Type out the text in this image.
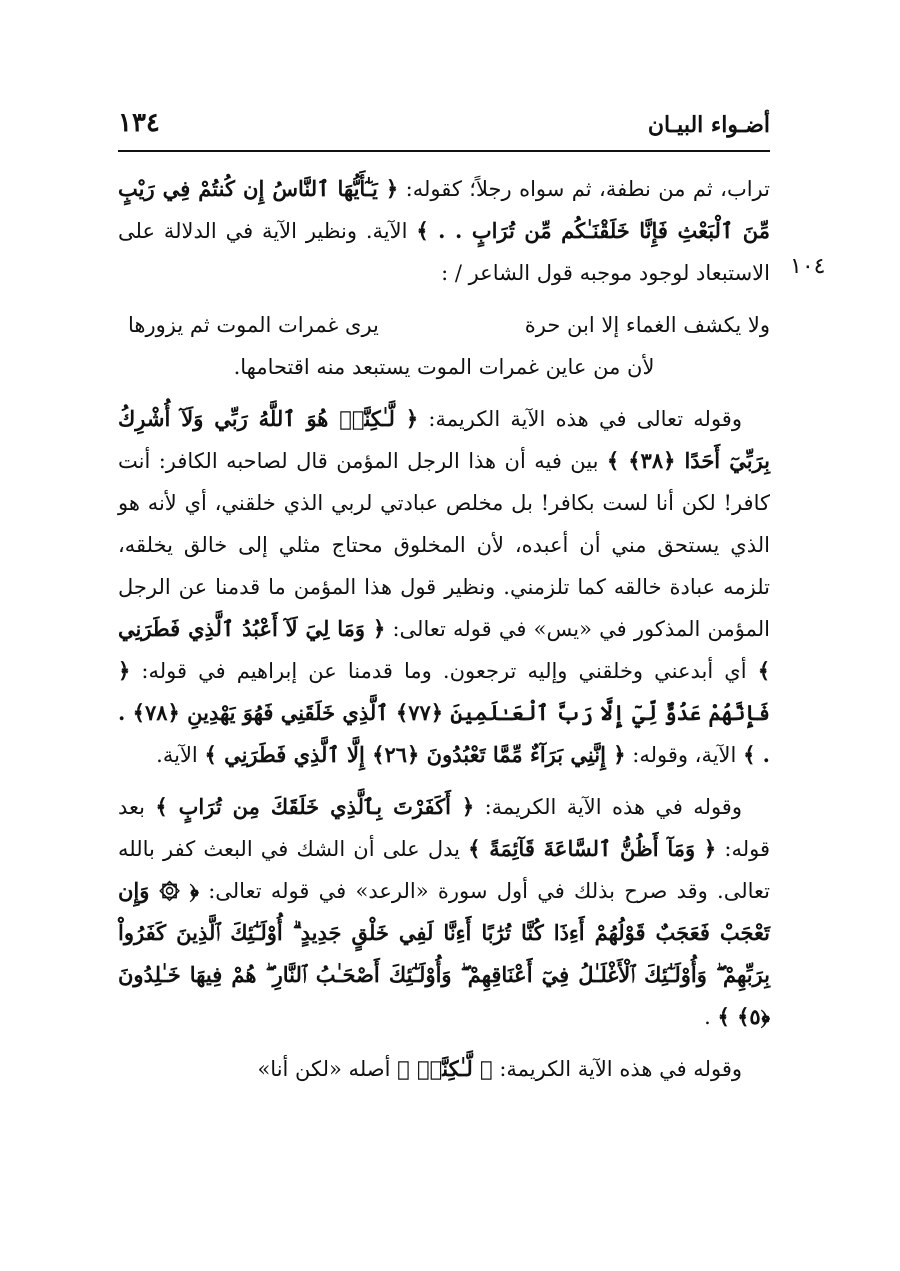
أضـواء البيـان
١٣٤
١٠٤

تراب، ثم من نطفة، ثم سواه رجلاً؛ كقوله: ﴿ يَـٰٓأَيُّهَا ٱلنَّاسُ إِن كُنتُمْ فِي رَيْبٍ مِّنَ ٱلْبَعْثِ فَإِنَّا خَلَقْنَـٰكُم مِّن تُرَابٍ . . ﴾ الآية. ونظير الآية في الدلالة على الاستبعاد لوجود موجبه قول الشاعر / :

ولا يكشف الغماء إلا ابن حرة
يرى غمرات الموت ثم يزورها

لأن من عاين غمرات الموت يستبعد منه اقتحامها.

وقوله تعالى في هذه الآية الكريمة: ﴿ لَّـٰكِنَّا۠ هُوَ ٱللَّهُ رَبِّي وَلَآ أُشْرِكُ بِرَبِّيٓ أَحَدًا ﴿٣٨﴾ ﴾ بين فيه أن هذا الرجل المؤمن قال لصاحبه الكافر: أنت كافر! لكن أنا لست بكافر! بل مخلص عبادتي لربي الذي خلقني، أي لأنه هو الذي يستحق مني أن أعبده، لأن المخلوق محتاج مثلي إلى خالق يخلقه، تلزمه عبادة خالقه كما تلزمني. ونظير قول هذا المؤمن ما قدمنا عن الرجل المؤمن المذكور في «يس» في قوله تعالى: ﴿ وَمَا لِيَ لَآ أَعْبُدُ ٱلَّذِي فَطَرَنِي ﴾ أي أبدعني وخلقني وإليه ترجعون. وما قدمنا عن إبراهيم في قوله: ﴿ فَإِنَّهُمْ عَدُوٌّ لِّيٓ إِلَّا رَبَّ ٱلْعَـٰلَمِينَ ﴿٧٧﴾ ٱلَّذِي خَلَقَنِي فَهُوَ يَهْدِينِ ﴿٧٨﴾ . . ﴾ الآية، وقوله: ﴿ إِنَّنِي بَرَآءٌ مِّمَّا تَعْبُدُونَ ﴿٢٦﴾ إِلَّا ٱلَّذِي فَطَرَنِي ﴾ الآية.

وقوله في هذه الآية الكريمة: ﴿ أَكَفَرْتَ بِٱلَّذِي خَلَقَكَ مِن تُرَابٍ ﴾ بعد قوله: ﴿ وَمَآ أَظُنُّ ٱلسَّاعَةَ قَآئِمَةً ﴾ يدل على أن الشك في البعث كفر بالله تعالى. وقد صرح بذلك في أول سورة «الرعد» في قوله تعالى: ﴿ ۞ وَإِن تَعْجَبْ فَعَجَبٌ قَوْلُهُمْ أَءِذَا كُنَّا تُرَٰبًا أَءِنَّا لَفِي خَلْقٍ جَدِيدٍ ۗ أُوْلَـٰٓئِكَ ٱلَّذِينَ كَفَرُواْ بِرَبِّهِمْ ۖ وَأُوْلَـٰٓئِكَ ٱلْأَغْلَـٰلُ فِيٓ أَعْنَاقِهِمْ ۖ وَأُوْلَـٰٓئِكَ أَصْحَـٰبُ ٱلنَّارِ ۖ هُمْ فِيهَا خَـٰلِدُونَ ﴿٥﴾ ﴾ .

وقوله في هذه الآية الكريمة: ﴿ لَّـٰكِنَّا۠ ﴾ أصله «لكن أنا»
